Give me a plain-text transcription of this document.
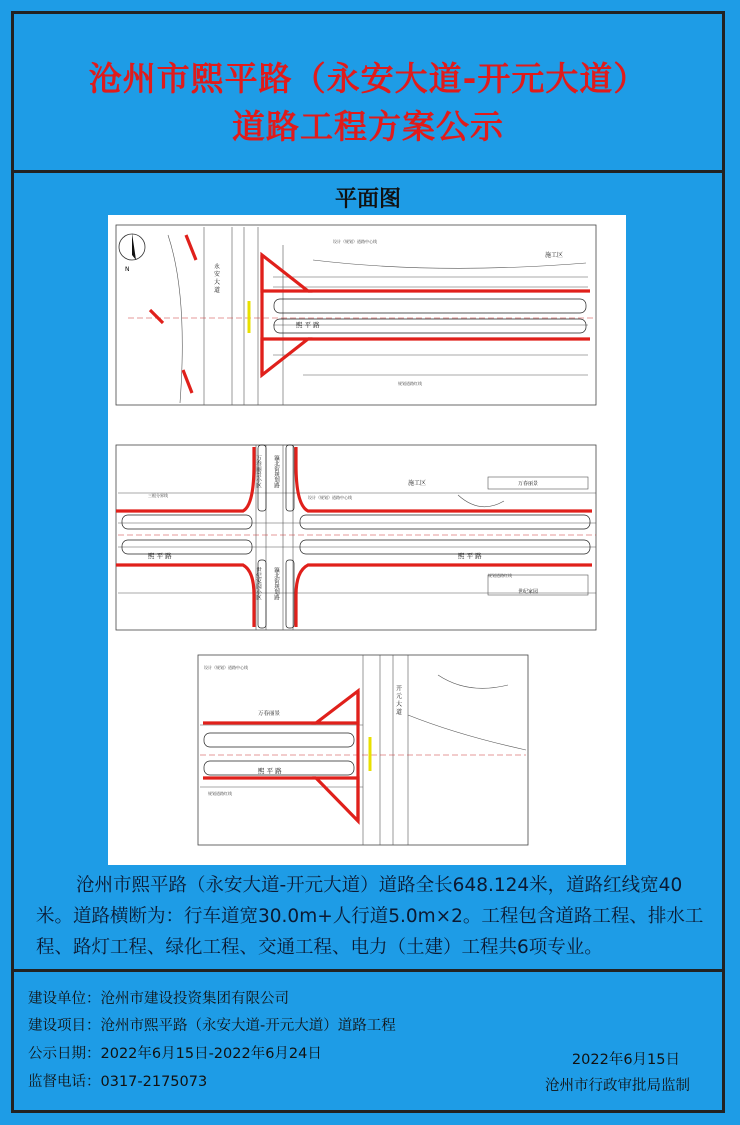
沧州市熙平路（永安大道-开元大道）
道路工程方案公示
平面图
N
熙 平 路
永 安 大 道
施工区
设计（规划）道路中心线
规划道路红线
熙 平 路	熙 平 路
万春丽景小区 瀛北街规划路
世纪家园小区 瀛北街规划路
施工区	万春丽景
世纪家园
设计（规划）道路中心线
规划道路红线
三根分界线
熙 平 路
开 元 大 道
万春丽景
设计（规划）道路中心线
规划道路红线
沧州市熙平路（永安大道-开元大道）道路全长648.124米，道路红线宽40米。道路横断为：行车道宽30.0m+人行道5.0m×2。工程包含道路工程、排水工程、路灯工程、绿化工程、交通工程、电力（土建）工程共6项专业。
建设单位：沧州市建设投资集团有限公司
建设项目：沧州市熙平路（永安大道-开元大道）道路工程
公示日期：2022年6月15日-2022年6月24日
监督电话：0317-2175073
2022年6月15日
沧州市行政审批局监制
